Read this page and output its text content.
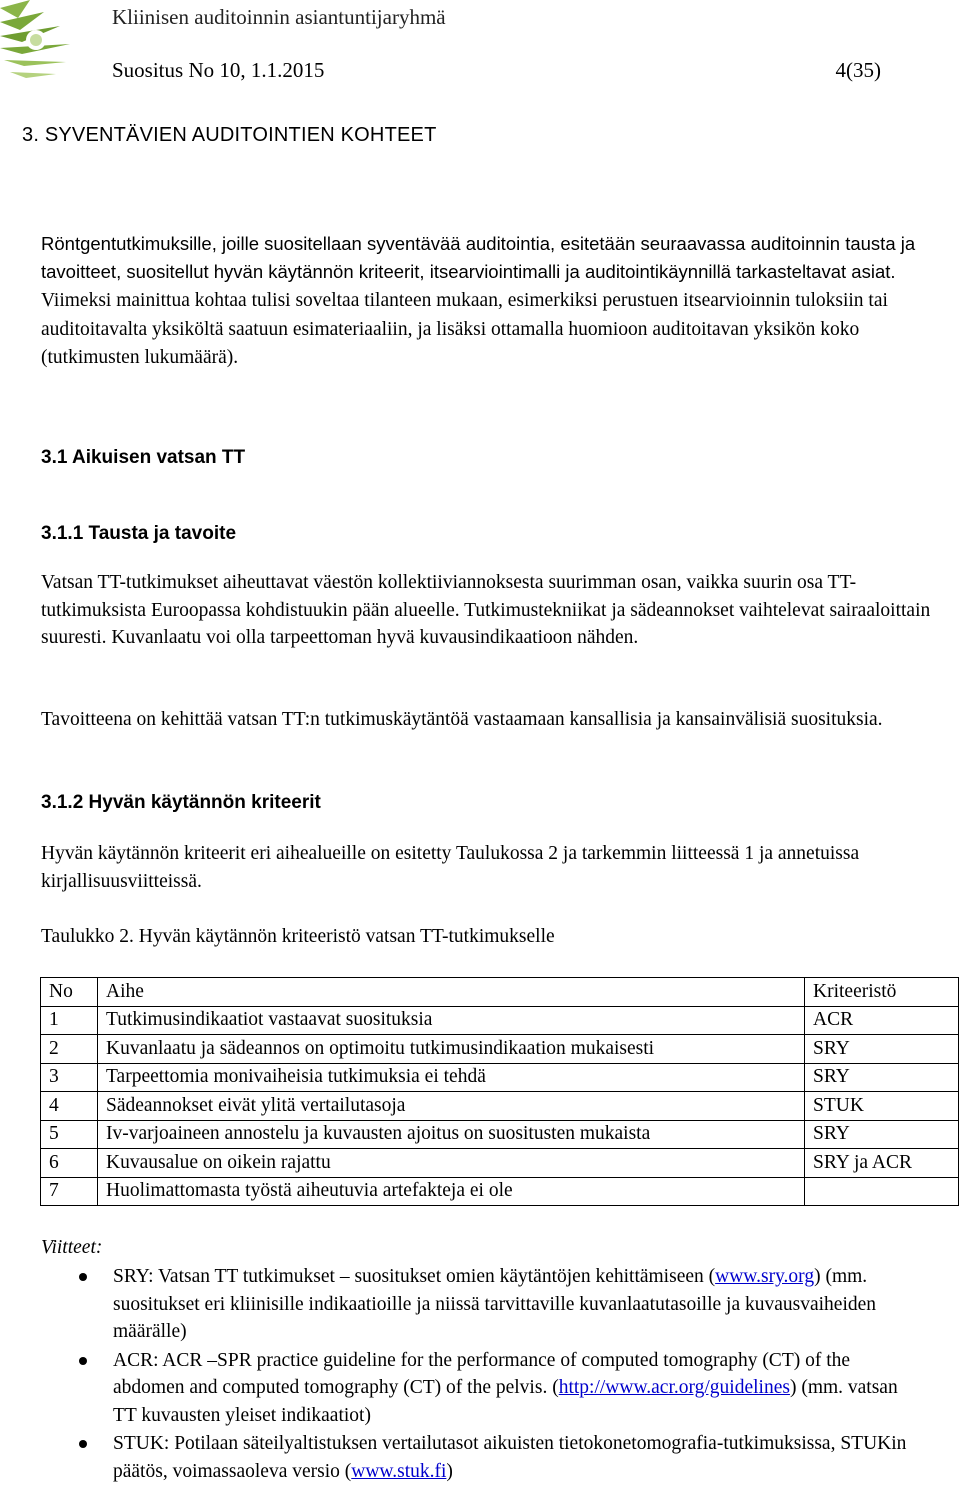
Kliinisen auditoinnin asiantuntijaryhmä
Suositus No 10, 1.1.2015	4(35)
3. SYVENTÄVIEN AUDITOINTIEN KOHTEET
Röntgentutkimuksille, joille suositellaan syventävää auditointia, esitetään seuraavassa auditoinnin tausta ja tavoitteet, suositellut hyvän käytännön kriteerit, itsearviointimalli ja auditointikäynnillä tarkasteltavat asiat. Viimeksi mainittua kohtaa tulisi soveltaa tilanteen mukaan, esimerkiksi perustuen itsearvioinnin tuloksiin tai auditoitavalta yksiköltä saatuun esimateriaaliin, ja lisäksi ottamalla huomioon auditoitavan yksikön koko (tutkimusten lukumäärä).
3.1 Aikuisen vatsan TT
3.1.1 Tausta ja tavoite
Vatsan TT-tutkimukset aiheuttavat väestön kollektiiviannoksesta suurimman osan, vaikka suurin osa TT-tutkimuksista Euroopassa kohdistuukin pään alueelle. Tutkimustekniikat ja sädeannokset vaihtelevat sairaaloittain suuresti. Kuvanlaatu voi olla tarpeettoman hyvä kuvausindikaatioon nähden.
Tavoitteena on kehittää vatsan TT:n tutkimuskäytäntöä vastaamaan kansallisia ja kansainvälisiä suosituksia.
3.1.2 Hyvän käytännön kriteerit
Hyvän käytännön kriteerit eri aihealueille on esitetty Taulukossa 2 ja tarkemmin liitteessä 1 ja annetuissa kirjallisuusviitteissä.
Taulukko 2. Hyvän käytännön kriteeristö vatsan TT-tutkimukselle
No	Aihe	Kriteeristö
1	Tutkimusindikaatiot vastaavat suosituksia	ACR
2	Kuvanlaatu ja sädeannos on optimoitu tutkimusindikaation mukaisesti	SRY
3	Tarpeettomia monivaiheisia tutkimuksia ei tehdä	SRY
4	Sädeannokset eivät ylitä vertailutasoja	STUK
5	Iv-varjoaineen annostelu ja kuvausten ajoitus on suositusten mukaista	SRY
6	Kuvausalue on oikein rajattu	SRY ja ACR
7	Huolimattomasta työstä aiheutuvia artefakteja ei ole	
Viitteet:
SRY: Vatsan TT tutkimukset – suositukset omien käytäntöjen kehittämiseen (www.sry.org) (mm. suositukset eri kliinisille indikaatioille ja niissä tarvittaville kuvanlaatutasoille ja kuvausvaiheiden määrälle)
ACR: ACR –SPR practice guideline for the performance of computed tomography (CT) of the abdomen and computed tomography (CT) of the pelvis. (http://www.acr.org/guidelines) (mm. vatsan TT kuvausten yleiset indikaatiot)
STUK: Potilaan säteilyaltistuksen vertailutasot aikuisten tietokonetomografia-tutkimuksissa, STUKin päätös, voimassaoleva versio (www.stuk.fi)
